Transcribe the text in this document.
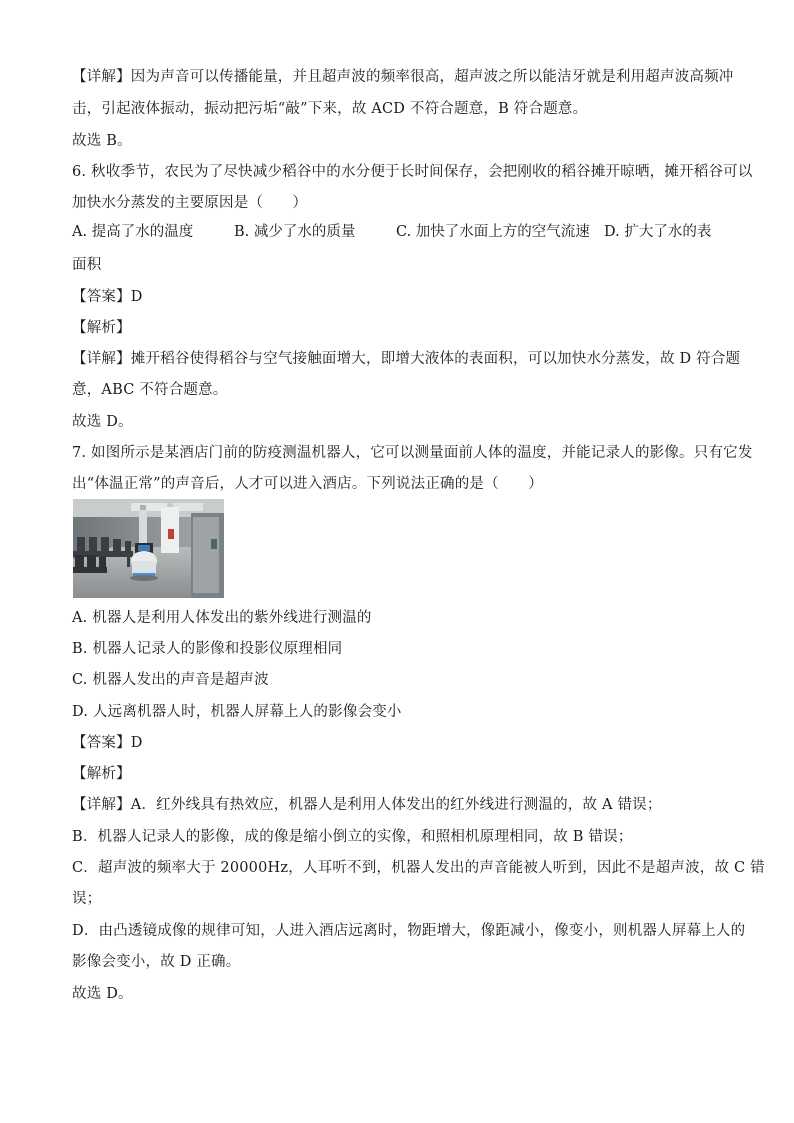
【详解】因为声音可以传播能量，并且超声波的频率很高，超声波之所以能洁牙就是利用超声波高频冲
击，引起液体振动，振动把污垢“敲”下来，故 ACD 不符合题意，B 符合题意。
故选 B。
6. 秋收季节，农民为了尽快减少稻谷中的水分便于长时间保存，会把刚收的稻谷摊开晾晒，摊开稻谷可以
加快水分蒸发的主要原因是（　　）
A. 提高了水的温度	B. 减少了水的质量	C. 加快了水面上方的空气流速 D. 扩大了水的表
面积
【答案】D
【解析】
【详解】摊开稻谷使得稻谷与空气接触面增大，即增大液体的表面积，可以加快水分蒸发，故 D 符合题
意，ABC 不符合题意。
故选 D。
7. 如图所示是某酒店门前的防疫测温机器人，它可以测量面前人体的温度，并能记录人的影像。只有它发
出“体温正常”的声音后，人才可以进入酒店。下列说法正确的是（　　）
A. 机器人是利用人体发出的紫外线进行测温的
B. 机器人记录人的影像和投影仪原理相同
C. 机器人发出的声音是超声波
D. 人远离机器人时，机器人屏幕上人的影像会变小
【答案】D
【解析】
【详解】A．红外线具有热效应，机器人是利用人体发出的红外线进行测温的，故 A 错误；
B．机器人记录人的影像，成的像是缩小倒立的实像，和照相机原理相同，故 B 错误；
C．超声波的频率大于 20000Hz，人耳听不到，机器人发出的声音能被人听到，因此不是超声波，故 C 错
误；
D．由凸透镜成像的规律可知，人进入酒店远离时，物距增大，像距减小，像变小，则机器人屏幕上人的
影像会变小，故 D 正确。
故选 D。
